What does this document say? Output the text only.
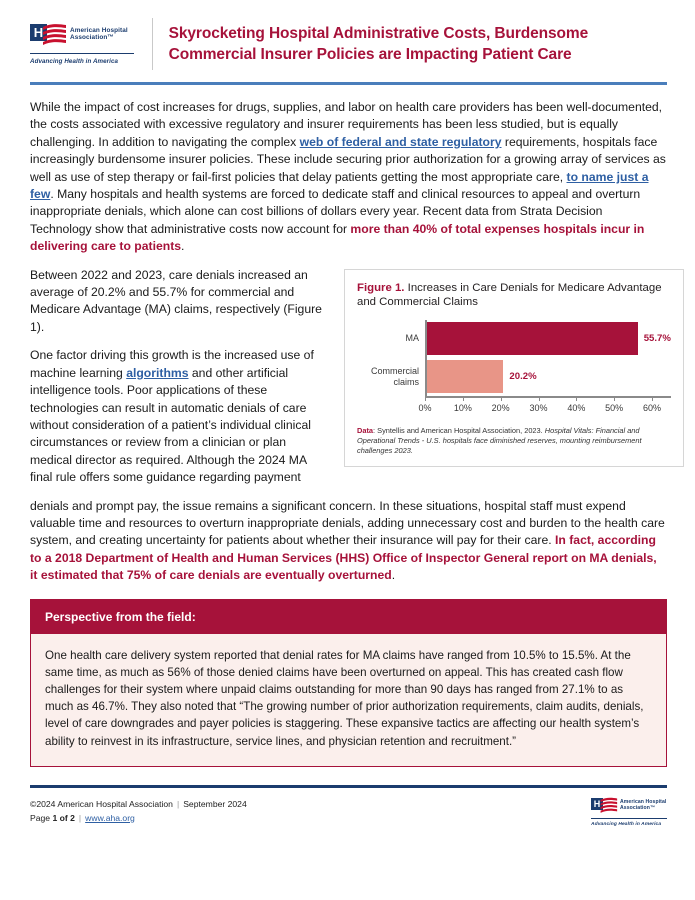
H	American Hospital
Association™
Advancing Health in America
Skyrocketing Hospital Administrative Costs, Burdensome Commercial Insurer Policies are Impacting Patient Care

While the impact of cost increases for drugs, supplies, and labor on health care providers has been well-documented, the costs associated with excessive regulatory and insurer requirements has been less studied, but is equally challenging. In addition to navigating the complex web of federal and state regulatory requirements, hospitals face increasingly burdensome insurer policies. These include securing prior authorization for a growing array of services as well as use of step therapy or fail-first policies that delay patients getting the most appropriate care, to name just a few. Many hospitals and health systems are forced to dedicate staff and clinical resources to appeal and overturn inappropriate denials, which alone can cost billions of dollars every year. Recent data from Strata Decision Technology show that administrative costs now account for more than 40% of total expenses hospitals incur in delivering care to patients.

Between 2022 and 2023, care denials increased an average of 20.2% and 55.7% for commercial and Medicare Advantage (MA) claims, respectively (Figure 1).

One factor driving this growth is the increased use of machine learning algorithms and other artificial intelligence tools. Poor applications of these technologies can result in automatic denials of care without consideration of a patient’s individual clinical circumstances or review from a clinician or plan medical director as required. Although the 2024 MA final rule offers some guidance regarding payment

Figure 1. Increases in Care Denials for Medicare Advantage and Commercial Claims
MA
Commercial claims
55.7%
20.2%
0% 10% 20% 30% 40% 50% 60%
Data: Syntellis and American Hospital Association, 2023. Hospital Vitals: Financial and Operational Trends - U.S. hospitals face diminished reserves, mounting reimbursement challenges 2023.

denials and prompt pay, the issue remains a significant concern. In these situations, hospital staff must expend valuable time and resources to overturn inappropriate denials, adding unnecessary cost and burden to the health care system, and creating uncertainty for patients about whether their insurance will pay for their care. In fact, according to a 2018 Department of Health and Human Services (HHS) Office of Inspector General report on MA denials, it estimated that 75% of care denials are eventually overturned.

Perspective from the field:
One health care delivery system reported that denial rates for MA claims have ranged from 10.5% to 15.5%. At the same time, as much as 56% of those denied claims have been overturned on appeal. This has created cash flow challenges for their system where unpaid claims outstanding for more than 90 days has ranged from 27.1% to as much as 46.7%. They also noted that “The growing number of prior authorization requirements, claim audits, denials, level of care downgrades and payer policies is staggering. These expansive tactics are affecting our health system’s ability to reinvest in its infrastructure, service lines, and physician retention and recruitment.”
©2024 American Hospital Association | September 2024
Page 1 of 2 | www.aha.org
H	American Hospital
Association™
Advancing Health in America
